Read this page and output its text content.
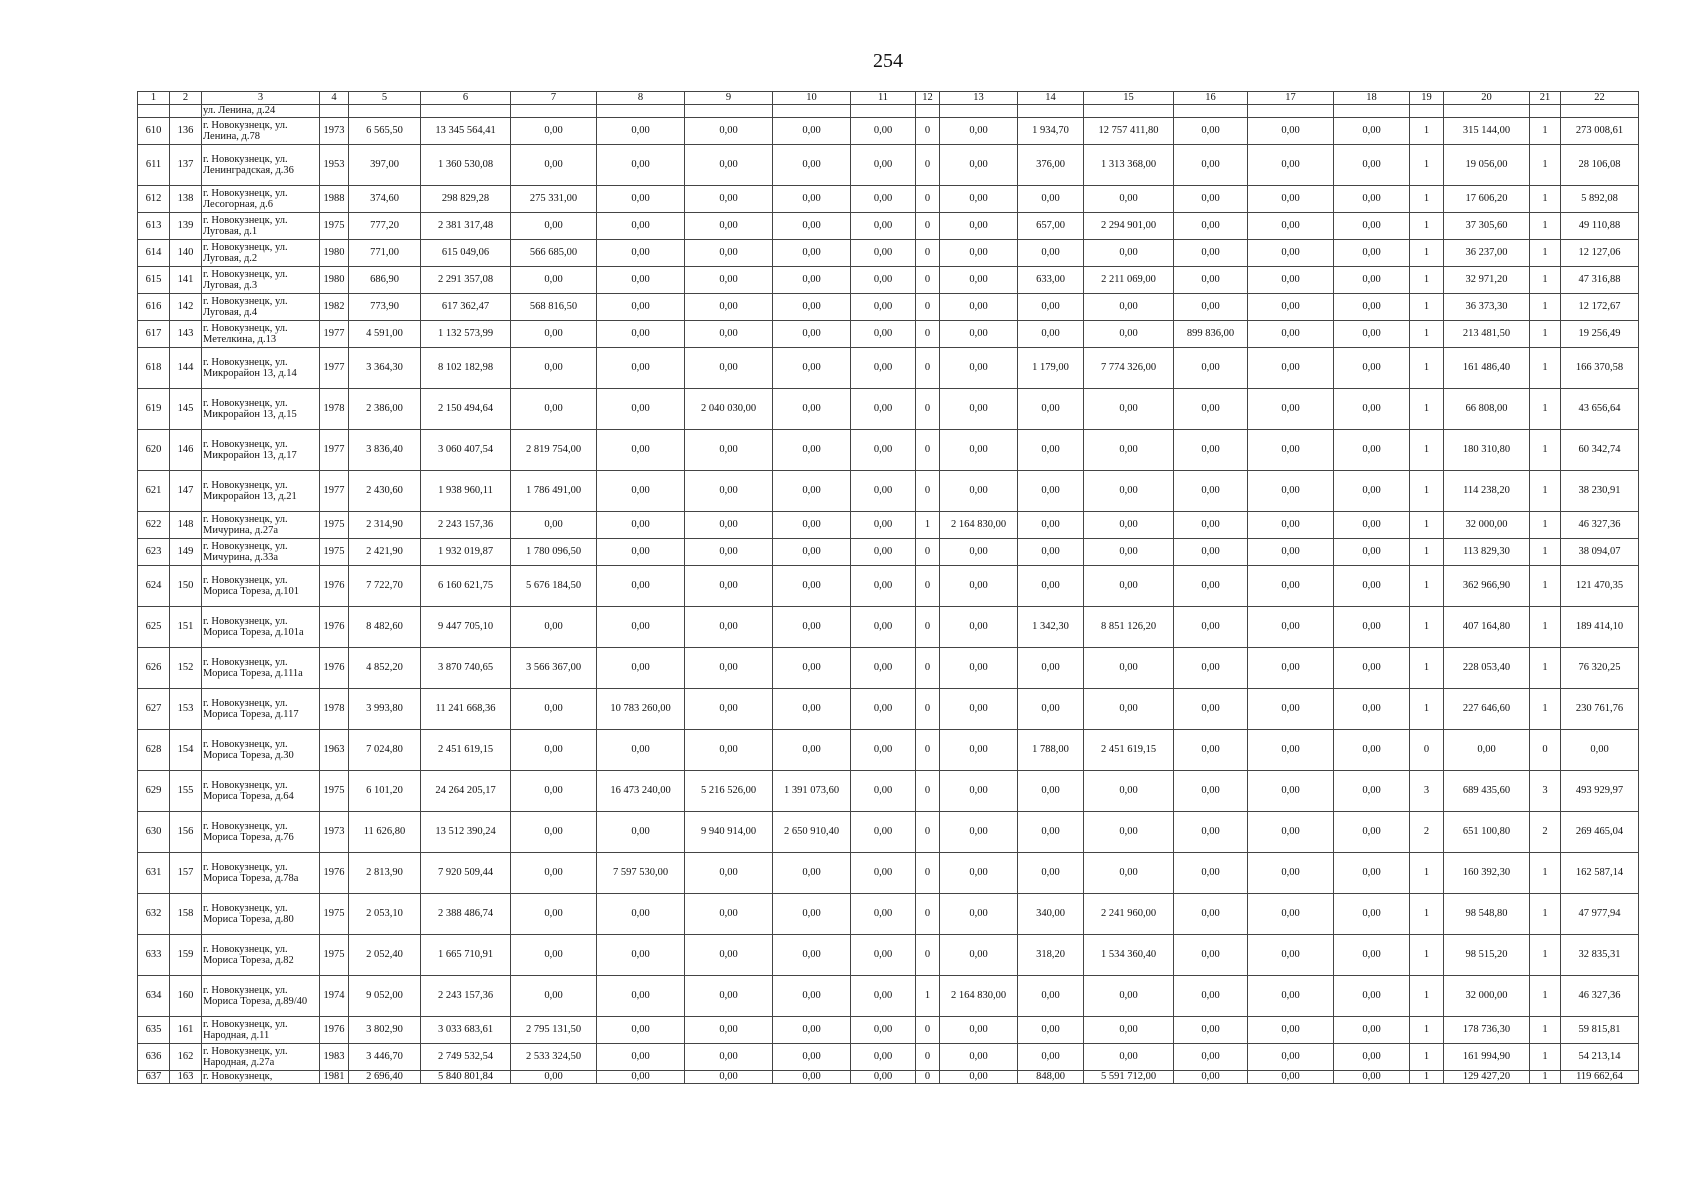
254
1	2	3	4	5	6	7	8	9	10	11	12	13	14	15	16	17	18	19	20	21	22
		ул. Ленина, д.24																			
610	136	г. Новокузнецк, ул. Ленина, д.78	1973	6 565,50	13 345 564,41	0,00	0,00	0,00	0,00	0,00	0	0,00	1 934,70	12 757 411,80	0,00	0,00	0,00	1	315 144,00	1	273 008,61
611	137	г. Новокузнецк, ул. Ленинградская, д.36	1953	397,00	1 360 530,08	0,00	0,00	0,00	0,00	0,00	0	0,00	376,00	1 313 368,00	0,00	0,00	0,00	1	19 056,00	1	28 106,08
612	138	г. Новокузнецк, ул. Лесогорная, д.6	1988	374,60	298 829,28	275 331,00	0,00	0,00	0,00	0,00	0	0,00	0,00	0,00	0,00	0,00	0,00	1	17 606,20	1	5 892,08
613	139	г. Новокузнецк, ул. Луговая, д.1	1975	777,20	2 381 317,48	0,00	0,00	0,00	0,00	0,00	0	0,00	657,00	2 294 901,00	0,00	0,00	0,00	1	37 305,60	1	49 110,88
614	140	г. Новокузнецк, ул. Луговая, д.2	1980	771,00	615 049,06	566 685,00	0,00	0,00	0,00	0,00	0	0,00	0,00	0,00	0,00	0,00	0,00	1	36 237,00	1	12 127,06
615	141	г. Новокузнецк, ул. Луговая, д.3	1980	686,90	2 291 357,08	0,00	0,00	0,00	0,00	0,00	0	0,00	633,00	2 211 069,00	0,00	0,00	0,00	1	32 971,20	1	47 316,88
616	142	г. Новокузнецк, ул. Луговая, д.4	1982	773,90	617 362,47	568 816,50	0,00	0,00	0,00	0,00	0	0,00	0,00	0,00	0,00	0,00	0,00	1	36 373,30	1	12 172,67
617	143	г. Новокузнецк, ул. Метелкина, д.13	1977	4 591,00	1 132 573,99	0,00	0,00	0,00	0,00	0,00	0	0,00	0,00	0,00	899 836,00	0,00	0,00	1	213 481,50	1	19 256,49
618	144	г. Новокузнецк, ул. Микрорайон 13, д.14	1977	3 364,30	8 102 182,98	0,00	0,00	0,00	0,00	0,00	0	0,00	1 179,00	7 774 326,00	0,00	0,00	0,00	1	161 486,40	1	166 370,58
619	145	г. Новокузнецк, ул. Микрорайон 13, д.15	1978	2 386,00	2 150 494,64	0,00	0,00	2 040 030,00	0,00	0,00	0	0,00	0,00	0,00	0,00	0,00	0,00	1	66 808,00	1	43 656,64
620	146	г. Новокузнецк, ул. Микрорайон 13, д.17	1977	3 836,40	3 060 407,54	2 819 754,00	0,00	0,00	0,00	0,00	0	0,00	0,00	0,00	0,00	0,00	0,00	1	180 310,80	1	60 342,74
621	147	г. Новокузнецк, ул. Микрорайон 13, д.21	1977	2 430,60	1 938 960,11	1 786 491,00	0,00	0,00	0,00	0,00	0	0,00	0,00	0,00	0,00	0,00	0,00	1	114 238,20	1	38 230,91
622	148	г. Новокузнецк, ул. Мичурина, д.27а	1975	2 314,90	2 243 157,36	0,00	0,00	0,00	0,00	0,00	1	2 164 830,00	0,00	0,00	0,00	0,00	0,00	1	32 000,00	1	46 327,36
623	149	г. Новокузнецк, ул. Мичурина, д.33а	1975	2 421,90	1 932 019,87	1 780 096,50	0,00	0,00	0,00	0,00	0	0,00	0,00	0,00	0,00	0,00	0,00	1	113 829,30	1	38 094,07
624	150	г. Новокузнецк, ул. Мориса Тореза, д.101	1976	7 722,70	6 160 621,75	5 676 184,50	0,00	0,00	0,00	0,00	0	0,00	0,00	0,00	0,00	0,00	0,00	1	362 966,90	1	121 470,35
625	151	г. Новокузнецк, ул. Мориса Тореза, д.101а	1976	8 482,60	9 447 705,10	0,00	0,00	0,00	0,00	0,00	0	0,00	1 342,30	8 851 126,20	0,00	0,00	0,00	1	407 164,80	1	189 414,10
626	152	г. Новокузнецк, ул. Мориса Тореза, д.111а	1976	4 852,20	3 870 740,65	3 566 367,00	0,00	0,00	0,00	0,00	0	0,00	0,00	0,00	0,00	0,00	0,00	1	228 053,40	1	76 320,25
627	153	г. Новокузнецк, ул. Мориса Тореза, д.117	1978	3 993,80	11 241 668,36	0,00	10 783 260,00	0,00	0,00	0,00	0	0,00	0,00	0,00	0,00	0,00	0,00	1	227 646,60	1	230 761,76
628	154	г. Новокузнецк, ул. Мориса Тореза, д.30	1963	7 024,80	2 451 619,15	0,00	0,00	0,00	0,00	0,00	0	0,00	1 788,00	2 451 619,15	0,00	0,00	0,00	0	0,00	0	0,00
629	155	г. Новокузнецк, ул. Мориса Тореза, д.64	1975	6 101,20	24 264 205,17	0,00	16 473 240,00	5 216 526,00	1 391 073,60	0,00	0	0,00	0,00	0,00	0,00	0,00	0,00	3	689 435,60	3	493 929,97
630	156	г. Новокузнецк, ул. Мориса Тореза, д.76	1973	11 626,80	13 512 390,24	0,00	0,00	9 940 914,00	2 650 910,40	0,00	0	0,00	0,00	0,00	0,00	0,00	0,00	2	651 100,80	2	269 465,04
631	157	г. Новокузнецк, ул. Мориса Тореза, д.78а	1976	2 813,90	7 920 509,44	0,00	7 597 530,00	0,00	0,00	0,00	0	0,00	0,00	0,00	0,00	0,00	0,00	1	160 392,30	1	162 587,14
632	158	г. Новокузнецк, ул. Мориса Тореза, д.80	1975	2 053,10	2 388 486,74	0,00	0,00	0,00	0,00	0,00	0	0,00	340,00	2 241 960,00	0,00	0,00	0,00	1	98 548,80	1	47 977,94
633	159	г. Новокузнецк, ул. Мориса Тореза, д.82	1975	2 052,40	1 665 710,91	0,00	0,00	0,00	0,00	0,00	0	0,00	318,20	1 534 360,40	0,00	0,00	0,00	1	98 515,20	1	32 835,31
634	160	г. Новокузнецк, ул. Мориса Тореза, д.89/40	1974	9 052,00	2 243 157,36	0,00	0,00	0,00	0,00	0,00	1	2 164 830,00	0,00	0,00	0,00	0,00	0,00	1	32 000,00	1	46 327,36
635	161	г. Новокузнецк, ул. Народная, д.11	1976	3 802,90	3 033 683,61	2 795 131,50	0,00	0,00	0,00	0,00	0	0,00	0,00	0,00	0,00	0,00	0,00	1	178 736,30	1	59 815,81
636	162	г. Новокузнецк, ул. Народная, д.27а	1983	3 446,70	2 749 532,54	2 533 324,50	0,00	0,00	0,00	0,00	0	0,00	0,00	0,00	0,00	0,00	0,00	1	161 994,90	1	54 213,14
637	163	г. Новокузнецк,	1981	2 696,40	5 840 801,84	0,00	0,00	0,00	0,00	0,00	0	0,00	848,00	5 591 712,00	0,00	0,00	0,00	1	129 427,20	1	119 662,64
